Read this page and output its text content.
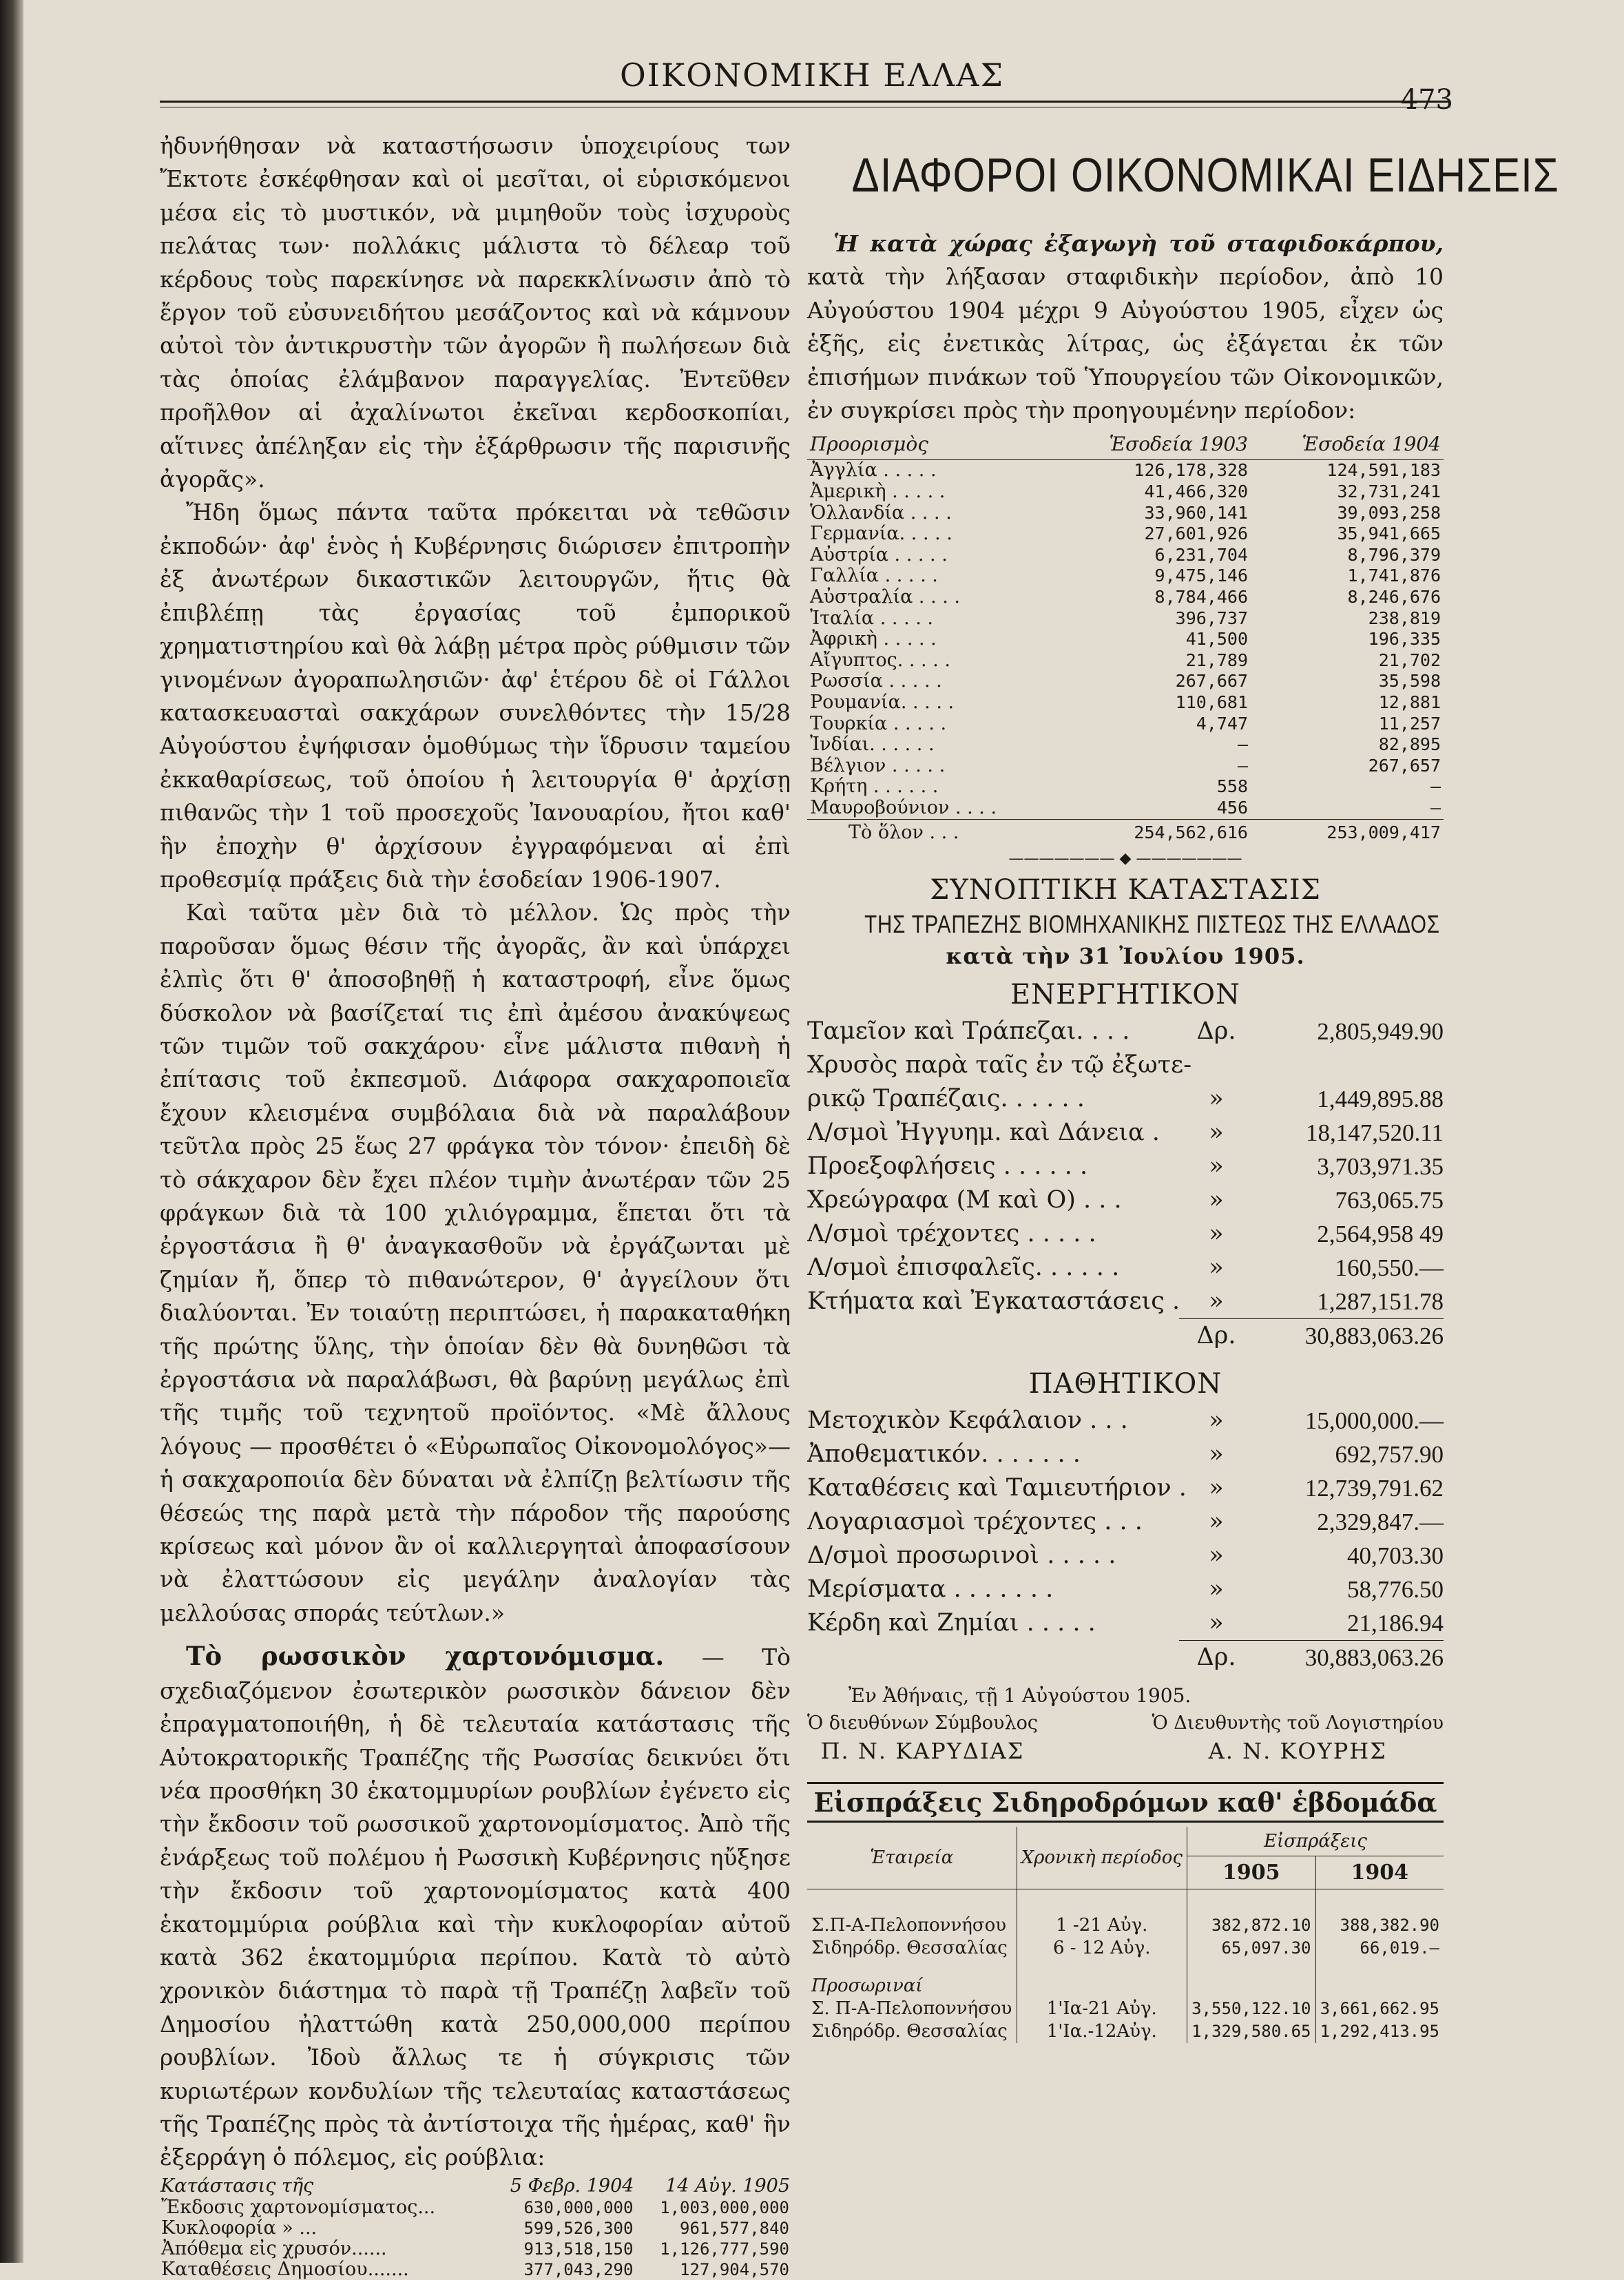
ΟΙΚΟΝΟΜΙΚΗ ΕΛΛΑΣ
473

ἠδυνήθησαν νὰ καταστήσωσιν ὑποχειρίους των Ἔκτοτε ἐσκέφθησαν καὶ οἱ μεσῖται, οἱ εὑρισκόμενοι μέσα εἰς τὸ μυστικόν, νὰ μιμηθοῦν τοὺς ἰσχυροὺς πελάτας των· πολλάκις μάλιστα τὸ δέλεαρ τοῦ κέρδους τοὺς παρεκίνησε νὰ παρεκκλίνωσιν ἀπὸ τὸ ἔργον τοῦ εὐσυνειδήτου μεσάζοντος καὶ νὰ κάμνουν αὐτοὶ τὸν ἀντικρυστὴν τῶν ἀγορῶν ἢ πωλήσεων διὰ τὰς ὁποίας ἐλάμβανον παραγγελίας. Ἐντεῦθεν προῆλθον αἱ ἀχαλίνωτοι ἐκεῖναι κερδοσκοπίαι, αἵτινες ἀπέληξαν εἰς τὴν ἐξάρθρωσιν τῆς παρισινῆς ἀγορᾶς».

Ἤδη ὅμως πάντα ταῦτα πρόκειται νὰ τεθῶσιν ἐκποδών· ἀφ' ἑνὸς ἡ Κυβέρνησις διώρισεν ἐπιτροπὴν ἐξ ἀνωτέρων δικαστικῶν λειτουργῶν, ἥτις θὰ ἐπιβλέπῃ τὰς ἐργασίας τοῦ ἐμπορικοῦ χρηματιστηρίου καὶ θὰ λάβῃ μέτρα πρὸς ρύθμισιν τῶν γινομένων ἀγοραπωλησιῶν· ἀφ' ἑτέρου δὲ οἱ Γάλλοι κατασκευασταὶ σακχάρων συνελθόντες τὴν 15/28 Αὐγούστου ἐψήφισαν ὁμοθύμως τὴν ἵδρυσιν ταμείου ἐκκαθαρίσεως, τοῦ ὁποίου ἡ λειτουργία θ' ἀρχίσῃ πιθανῶς τὴν 1 τοῦ προσεχοῦς Ἰανουαρίου, ἤτοι καθ' ἣν ἐποχὴν θ' ἀρχίσουν ἐγγραφόμεναι αἱ ἐπὶ προθεσμίᾳ πράξεις διὰ τὴν ἑσοδείαν 1906-1907.

Καὶ ταῦτα μὲν διὰ τὸ μέλλον. Ὡς πρὸς τὴν παροῦσαν ὅμως θέσιν τῆς ἀγορᾶς, ἂν καὶ ὑπάρχει ἐλπὶς ὅτι θ' ἀποσοβηθῇ ἡ καταστροφή, εἶνε ὅμως δύσκολον νὰ βασίζεταί τις ἐπὶ ἀμέσου ἀνακύψεως τῶν τιμῶν τοῦ σακχάρου· εἶνε μάλιστα πιθανὴ ἡ ἐπίτασις τοῦ ἐκπεσμοῦ. Διάφορα σακχαροποιεῖα ἔχουν κλεισμένα συμβόλαια διὰ νὰ παραλάβουν τεῦτλα πρὸς 25 ἕως 27 φράγκα τὸν τόνον· ἐπειδὴ δὲ τὸ σάκχαρον δὲν ἔχει πλέον τιμὴν ἀνωτέραν τῶν 25 φράγκων διὰ τὰ 100 χιλιόγραμμα, ἕπεται ὅτι τὰ ἐργοστάσια ἢ θ' ἀναγκασθοῦν νὰ ἐργάζωνται μὲ ζημίαν ἤ, ὅπερ τὸ πιθανώτερον, θ' ἀγγείλουν ὅτι διαλύονται. Ἐν τοιαύτῃ περιπτώσει, ἡ παρακαταθήκη τῆς πρώτης ὕλης, τὴν ὁποίαν δὲν θὰ δυνηθῶσι τὰ ἐργοστάσια νὰ παραλάβωσι, θὰ βαρύνῃ μεγάλως ἐπὶ τῆς τιμῆς τοῦ τεχνητοῦ προϊόντος. «Μὲ ἄλλους λόγους — προσθέτει ὁ «Εὐρωπαῖος Οἰκονομολόγος»—ἡ σακχαροποιία δὲν δύναται νὰ ἐλπίζῃ βελτίωσιν τῆς θέσεώς της παρὰ μετὰ τὴν πάροδον τῆς παρούσης κρίσεως καὶ μόνον ἂν οἱ καλλιεργηταὶ ἀποφασίσουν νὰ ἐλαττώσουν εἰς μεγάλην ἀναλογίαν τὰς μελλούσας σποράς τεύτλων.»

Τὸ ρωσσικὸν χαρτονόμισμα. — Τὸ σχεδιαζόμενον ἐσωτερικὸν ρωσσικὸν δάνειον δὲν ἐπραγματοποιήθη, ἡ δὲ τελευταία κατάστασις τῆς Αὐτοκρατορικῆς Τραπέζης τῆς Ρωσσίας δεικνύει ὅτι νέα προσθήκη 30 ἑκατομμυρίων ρουβλίων ἐγένετο εἰς τὴν ἔκδοσιν τοῦ ρωσσικοῦ χαρτονομίσματος. Ἀπὸ τῆς ἐνάρξεως τοῦ πολέμου ἡ Ρωσσικὴ Κυβέρνησις ηὔξησε τὴν ἔκδοσιν τοῦ χαρτονομίσματος κατὰ 400 ἑκατομμύρια ρούβλια καὶ τὴν κυκλοφορίαν αὐτοῦ κατὰ 362 ἑκατομμύρια περίπου. Κατὰ τὸ αὐτὸ χρονικὸν διάστημα τὸ παρὰ τῇ Τραπέζῃ λαβεῖν τοῦ Δημοσίου ἠλαττώθη κατὰ 250,000,000 περίπου ρουβλίων. Ἰδοὺ ἄλλως τε ἡ σύγκρισις τῶν κυριωτέρων κονδυλίων τῆς τελευταίας καταστάσεως τῆς Τραπέζης πρὸς τὰ ἀντίστοιχα τῆς ἡμέρας, καθ' ἣν ἐξερράγη ὁ πόλεμος, εἰς ρούβλια:

Κατάστασις τῆς	5 Φεβρ. 1904	14 Αὐγ. 1905
Ἔκδοσις χαρτονομίσματος...	630,000,000	1,003,000,000
Κυκλοφορία » ...	599,526,300	961,577,840
Ἀπόθεμα εἰς χρυσόν......	913,518,150	1,126,777,590
Καταθέσεις Δημοσίου.......	377,043,290	127,904,570
ΔΙΑΦΟΡΟΙ ΟΙΚΟΝΟΜΙΚΑΙ ΕΙΔΗΣΕΙΣ

Ἡ κατὰ χώρας ἐξαγωγὴ τοῦ σταφιδοκάρπου, κατὰ τὴν λήξασαν σταφιδικὴν περίοδον, ἀπὸ 10 Αὐγούστου 1904 μέχρι 9 Αὐγούστου 1905, εἶχεν ὡς ἑξῆς, εἰς ἐνετικὰς λίτρας, ὡς ἐξάγεται ἐκ τῶν ἐπισήμων πινάκων τοῦ Ὑπουργείου τῶν Οἰκονομικῶν, ἐν συγκρίσει πρὸς τὴν προηγουμένην περίοδον:

Προορισμὸς	Ἑσοδεία 1903	Ἑσοδεία 1904
Ἀγγλία . . . . .	126,178,328	124,591,183
Ἀμερικὴ . . . . .	41,466,320	32,731,241
Ὁλλανδία . . . .	33,960,141	39,093,258
Γερμανία. . . . .	27,601,926	35,941,665
Αὐστρία . . . . .	6,231,704	8,796,379
Γαλλία . . . . .	9,475,146	1,741,876
Αὐστραλία . . . .	8,784,466	8,246,676
Ἰταλία . . . . .	396,737	238,819
Ἀφρικὴ . . . . .	41,500	196,335
Αἴγυπτος. . . . .	21,789	21,702
Ρωσσία . . . . .	267,667	35,598
Ρουμανία. . . . .	110,681	12,881
Τουρκία . . . . .	4,747	11,257
Ἰνδίαι. . . . . .	—	82,895
Βέλγιον . . . . .	—	267,657
Κρήτη . . . . . .	558	—
Μαυροβούνιον . . . .	456	—
Τὸ ὅλον . . .	254,562,616	253,009,417
——————— ◆ ———————
ΣΥΝΟΠΤΙΚΗ ΚΑΤΑΣΤΑΣΙΣ
ΤΗΣ ΤΡΑΠΕΖΗΣ ΒΙΟΜΗΧΑΝΙΚΗΣ ΠΙΣΤΕΩΣ ΤΗΣ ΕΛΛΑΔΟΣ
κατὰ τὴν 31 Ἰουλίου 1905.
ΕΝΕΡΓΗΤΙΚΟΝ
Ταμεῖον καὶ Τράπεζαι. . . .	Δρ.	2,805,949.90
Χρυσὸς παρὰ ταῖς ἐν τῷ ἐξωτε-
ρικῷ Τραπέζαις. . . . . .	»	1,449,895.88
Λ/σμοὶ Ἠγγυημ. καὶ Δάνεια .	»	18,147,520.11
Προεξοφλήσεις . . . . . .	»	3,703,971.35
Χρεώγραφα (Μ καὶ Ο) . . .	»	763,065.75
Λ/σμοὶ τρέχοντες . . . . .	»	2,564,958 49
Λ/σμοὶ ἐπισφαλεῖς. . . . . .	»	160,550.—
Κτήματα καὶ Ἐγκαταστάσεις .	»	1,287,151.78
Δρ.	30,883,063.26
ΠΑΘΗΤΙΚΟΝ
Μετοχικὸν Κεφάλαιον . . .	»	15,000,000.—
Ἀποθεματικόν. . . . . . .	»	692,757.90
Καταθέσεις καὶ Ταμιευτήριον . »	12,739,791.62
Λογαριασμοὶ τρέχοντες . . .	»	2,329,847.—
Δ/σμοὶ προσωρινοὶ . . . . .	»	40,703.30
Μερίσματα . . . . . . .	»	58,776.50
Κέρδη καὶ Ζημίαι . . . . .	»	21,186.94
Δρ.	30,883,063.26
Ἐν Ἀθήναις, τῇ 1 Αὐγούστου 1905.
Ὁ διευθύνων Σύμβουλος
Π. Ν. ΚΑΡΥΔΙΑΣ
Ὁ Διευθυντὴς τοῦ Λογιστηρίου
Α. Ν. ΚΟΥΡΗΣ
Εἰσπράξεις Σιδηροδρόμων καθ' ἑβδομάδα
Ἑταιρεία	Χρονικὴ περίοδος	Εἰσπράξεις	
		1905	1904

Σ.Π-Α-Πελοποννήσου	1 -21 Αὐγ.	382,872.10	388,382.90
Σιδηρόδρ. Θεσσαλίας	6 - 12 Αὐγ.	65,097.30	66,019.—
Προσωριναί			
Σ. Π-Α-Πελοποννήσου	1'Ια-21 Αὐγ.	3,550,122.10	3,661,662.95
Σιδηρόδρ. Θεσσαλίας	1'Ια.-12Αὐγ.	1,329,580.65	1,292,413.95
